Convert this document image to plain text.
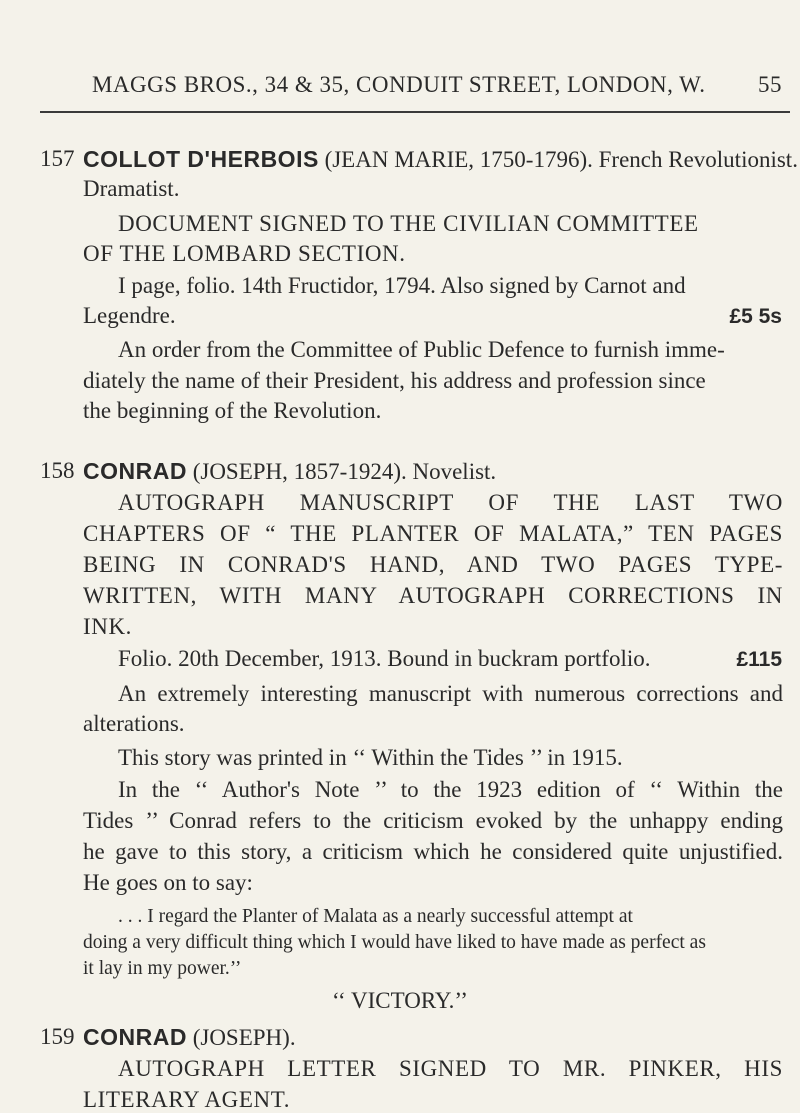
MAGGS BROS., 34 & 35, CONDUIT STREET, LONDON, W. 55
157 COLLOT D'HERBOIS (JEAN MARIE, 1750-1796). French Revolutionist.
Dramatist.
DOCUMENT SIGNED TO THE CIVILIAN COMMITTEE
OF THE LOMBARD SECTION.
I page, folio. 14th Fructidor, 1794. Also signed by Carnot and
Legendre.	£5 5s
An order from the Committee of Public Defence to furnish imme-
diately the name of their President, his address and profession since
the beginning of the Revolution.
158 CONRAD (JOSEPH, 1857-1924). Novelist.
AUTOGRAPH MANUSCRIPT OF THE LAST TWO
CHAPTERS OF “ THE PLANTER OF MALATA,” TEN PAGES
BEING IN CONRAD'S HAND, AND TWO PAGES TYPE-
WRITTEN, WITH MANY AUTOGRAPH CORRECTIONS IN
INK.
Folio. 20th December, 1913. Bound in buckram portfolio.	£115
An extremely interesting manuscript with numerous corrections and
alterations.
This story was printed in ‘‘ Within the Tides ’’ in 1915.
In the ‘‘ Author's Note ’’ to the 1923 edition of ‘‘ Within the
Tides ’’ Conrad refers to the criticism evoked by the unhappy ending
he gave to this story, a criticism which he considered quite unjustified.
He goes on to say:
. . . I regard the Planter of Malata as a nearly successful attempt at
doing a very difficult thing which I would have liked to have made as perfect as
it lay in my power.’’
‘‘ VICTORY.’’
159 CONRAD (JOSEPH).
AUTOGRAPH LETTER SIGNED TO MR. PINKER, HIS
LITERARY AGENT.
